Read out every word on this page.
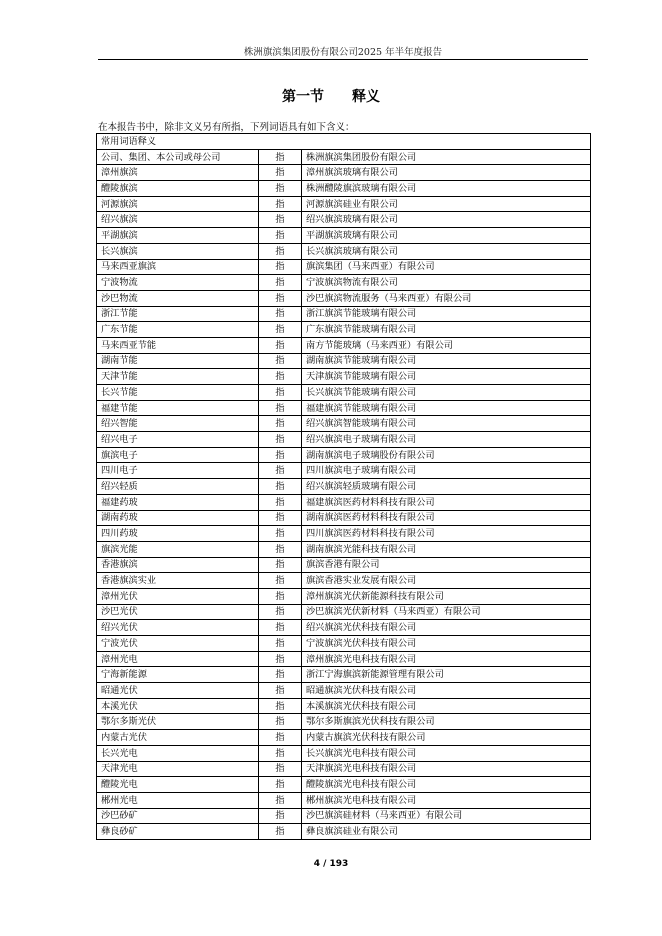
株洲旗滨集团股份有限公司2025 年半年度报告
第一节 释义
在本报告书中，除非文义另有所指，下列词语具有如下含义：
常用词语释义		
公司、集团、本公司或母公司	指	株洲旗滨集团股份有限公司
漳州旗滨	指	漳州旗滨玻璃有限公司
醴陵旗滨	指	株洲醴陵旗滨玻璃有限公司
河源旗滨	指	河源旗滨硅业有限公司
绍兴旗滨	指	绍兴旗滨玻璃有限公司
平湖旗滨	指	平湖旗滨玻璃有限公司
长兴旗滨	指	长兴旗滨玻璃有限公司
马来西亚旗滨	指	旗滨集团（马来西亚）有限公司
宁波物流	指	宁波旗滨物流有限公司
沙巴物流	指	沙巴旗滨物流服务（马来西亚）有限公司
浙江节能	指	浙江旗滨节能玻璃有限公司
广东节能	指	广东旗滨节能玻璃有限公司
马来西亚节能	指	南方节能玻璃（马来西亚）有限公司
湖南节能	指	湖南旗滨节能玻璃有限公司
天津节能	指	天津旗滨节能玻璃有限公司
长兴节能	指	长兴旗滨节能玻璃有限公司
福建节能	指	福建旗滨节能玻璃有限公司
绍兴智能	指	绍兴旗滨智能玻璃有限公司
绍兴电子	指	绍兴旗滨电子玻璃有限公司
旗滨电子	指	湖南旗滨电子玻璃股份有限公司
四川电子	指	四川旗滨电子玻璃有限公司
绍兴轻质	指	绍兴旗滨轻质玻璃有限公司
福建药玻	指	福建旗滨医药材料科技有限公司
湖南药玻	指	湖南旗滨医药材料科技有限公司
四川药玻	指	四川旗滨医药材料科技有限公司
旗滨光能	指	湖南旗滨光能科技有限公司
香港旗滨	指	旗滨香港有限公司
香港旗滨实业	指	旗滨香港实业发展有限公司
漳州光伏	指	漳州旗滨光伏新能源科技有限公司
沙巴光伏	指	沙巴旗滨光伏新材料（马来西亚）有限公司
绍兴光伏	指	绍兴旗滨光伏科技有限公司
宁波光伏	指	宁波旗滨光伏科技有限公司
漳州光电	指	漳州旗滨光电科技有限公司
宁海新能源	指	浙江宁海旗滨新能源管理有限公司
昭通光伏	指	昭通旗滨光伏科技有限公司
本溪光伏	指	本溪旗滨光伏科技有限公司
鄂尔多斯光伏	指	鄂尔多斯旗滨光伏科技有限公司
内蒙古光伏	指	内蒙古旗滨光伏科技有限公司
长兴光电	指	长兴旗滨光电科技有限公司
天津光电	指	天津旗滨光电科技有限公司
醴陵光电	指	醴陵旗滨光电科技有限公司
郴州光电	指	郴州旗滨光电科技有限公司
沙巴砂矿	指	沙巴旗滨硅材料（马来西亚）有限公司
彝良砂矿	指	彝良旗滨硅业有限公司
4 / 193
